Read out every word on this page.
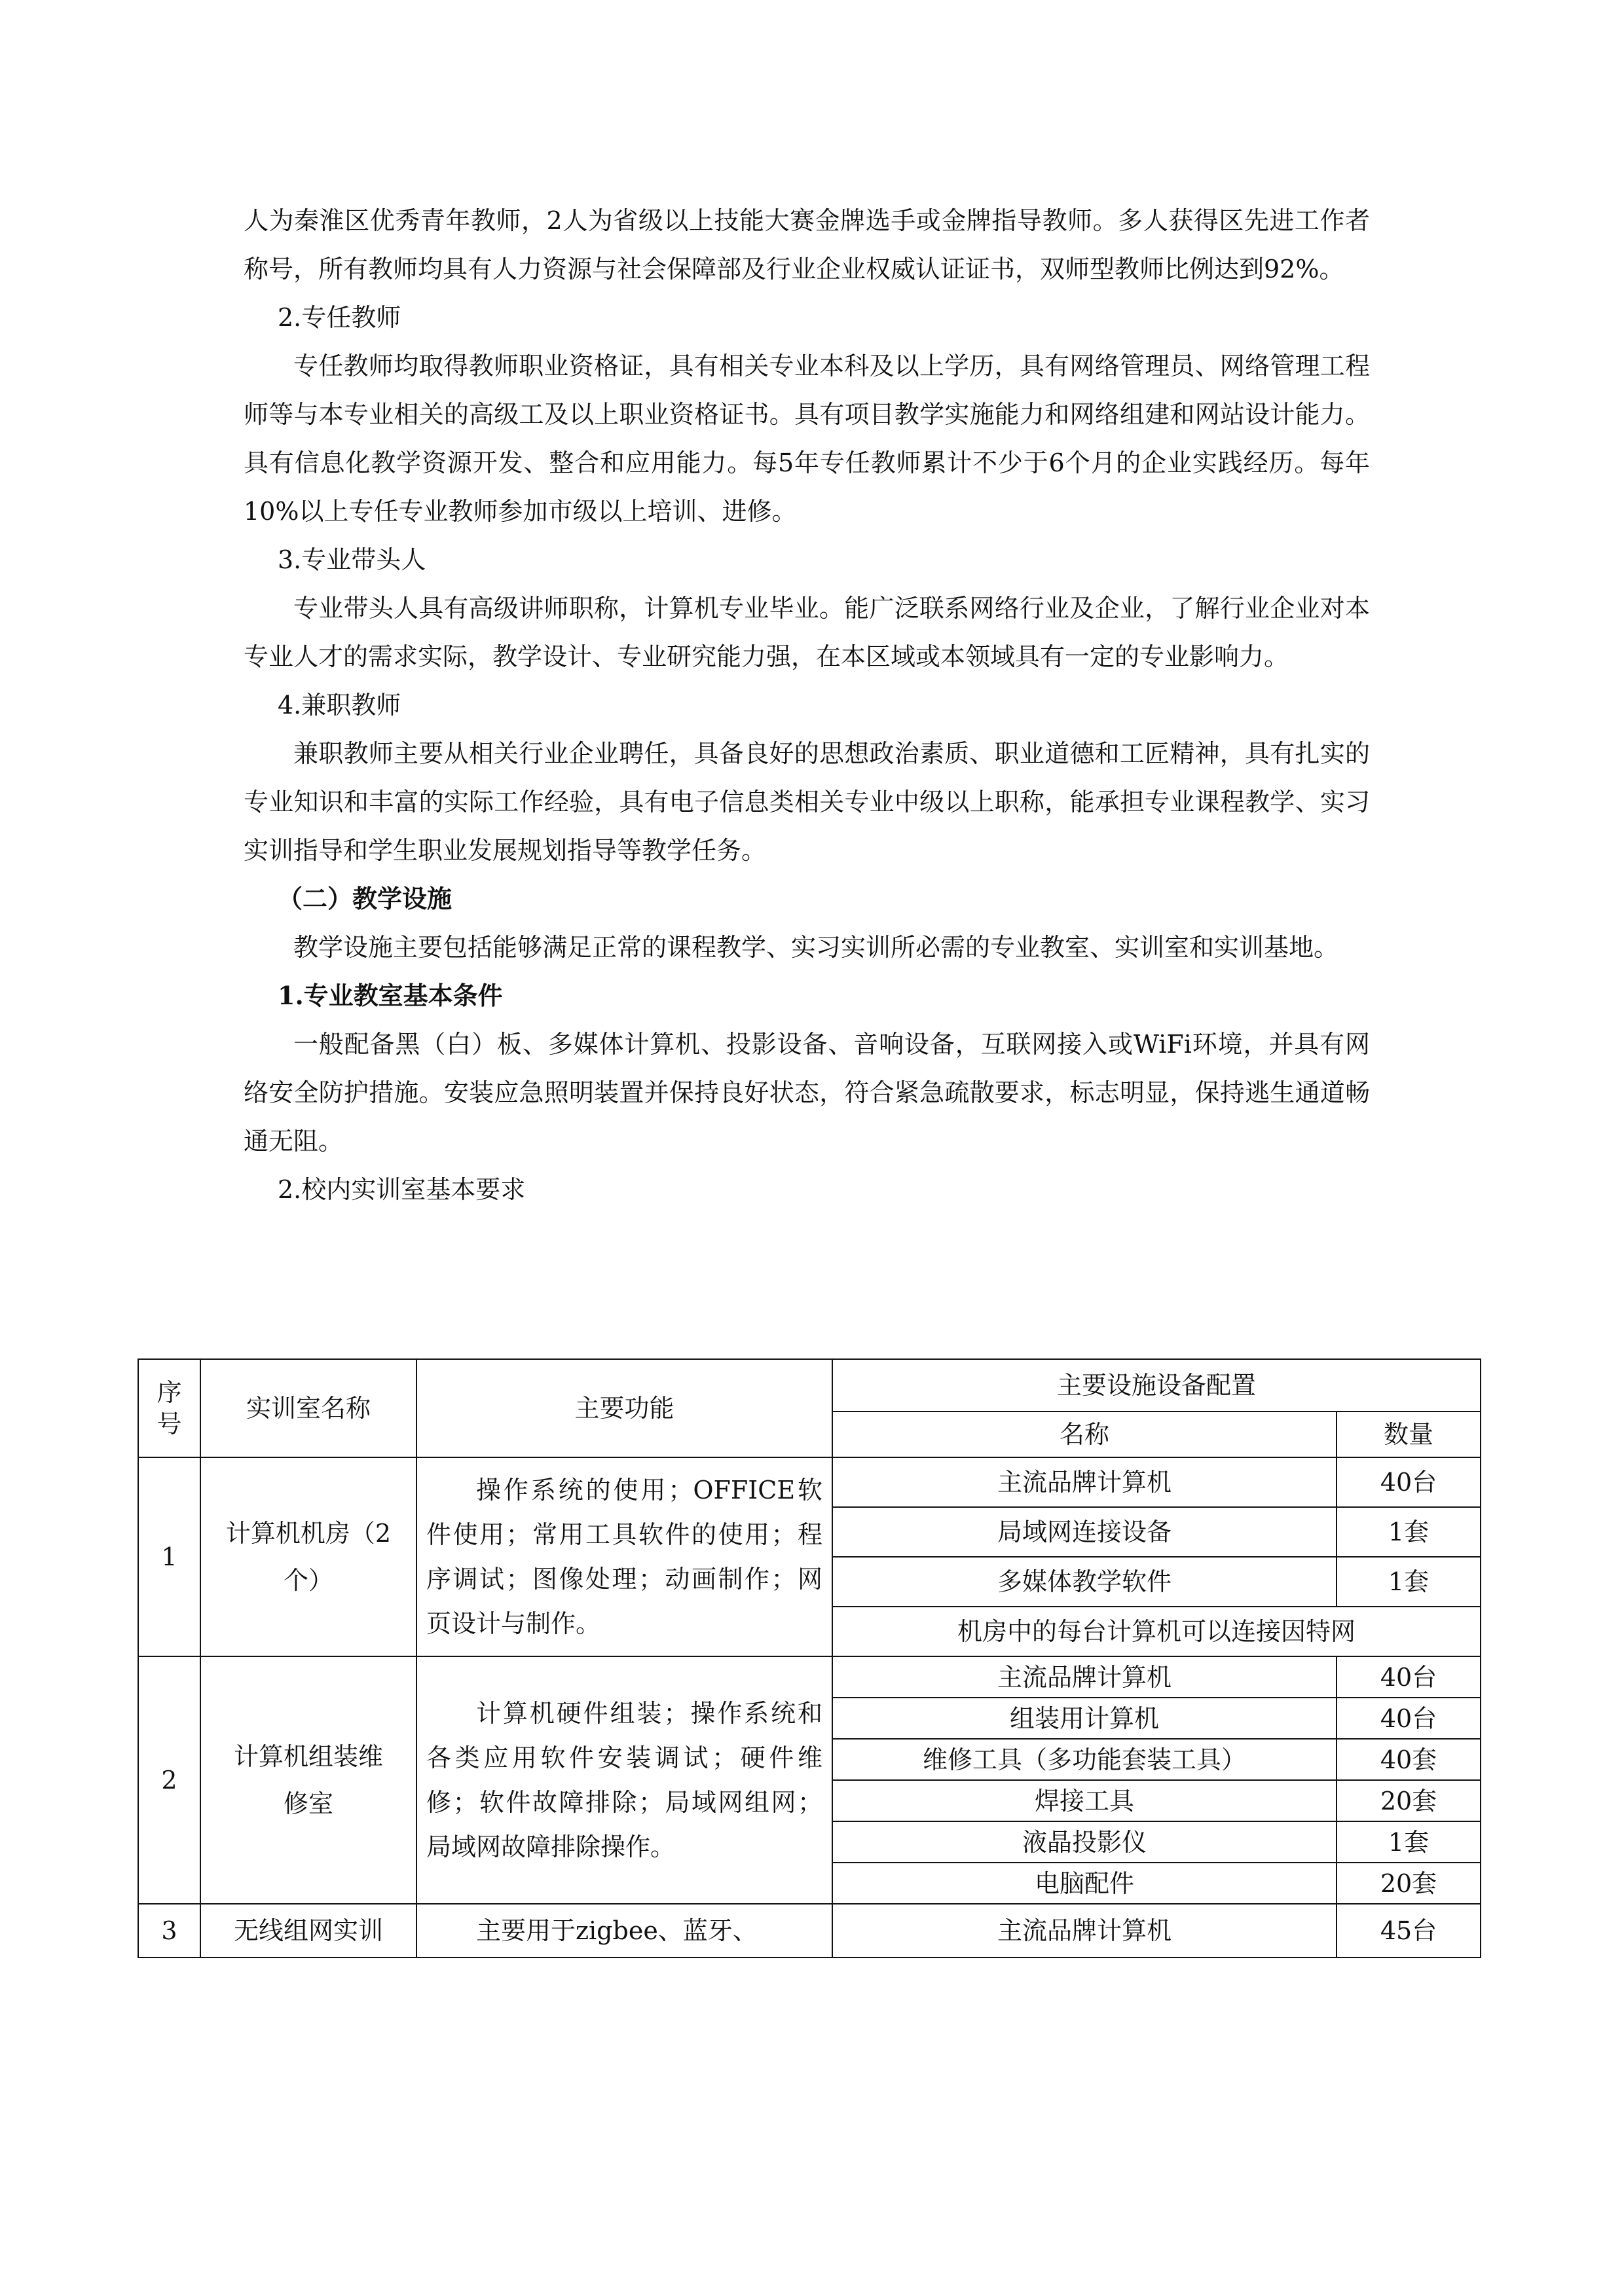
人为秦淮区优秀青年教师，2人为省级以上技能大赛金牌选手或金牌指导教师。多人获得区先进工作者称号，所有教师均具有人力资源与社会保障部及行业企业权威认证证书，双师型教师比例达到92%。

2.专任教师

专任教师均取得教师职业资格证，具有相关专业本科及以上学历，具有网络管理员、网络管理工程师等与本专业相关的高级工及以上职业资格证书。具有项目教学实施能力和网络组建和网站设计能力。具有信息化教学资源开发、整合和应用能力。每5年专任教师累计不少于6个月的企业实践经历。每年10%以上专任专业教师参加市级以上培训、进修。

3.专业带头人

专业带头人具有高级讲师职称，计算机专业毕业。能广泛联系网络行业及企业，了解行业企业对本专业人才的需求实际，教学设计、专业研究能力强，在本区域或本领域具有一定的专业影响力。

4.兼职教师

兼职教师主要从相关行业企业聘任，具备良好的思想政治素质、职业道德和工匠精神，具有扎实的专业知识和丰富的实际工作经验，具有电子信息类相关专业中级以上职称，能承担专业课程教学、实习实训指导和学生职业发展规划指导等教学任务。

（二）教学设施

教学设施主要包括能够满足正常的课程教学、实习实训所必需的专业教室、实训室和实训基地。

1.专业教室基本条件

一般配备黑（白）板、多媒体计算机、投影设备、音响设备，互联网接入或WiFi环境，并具有网络安全防护措施。安装应急照明装置并保持良好状态，符合紧急疏散要求，标志明显，保持逃生通道畅通无阻。

2.校内实训室基本要求
序号	实训室名称	主要功能	主要设施设备配置	
			名称	数量
1	计算机机房（2个）	操作系统的使用；OFFICE软件使用；常用工具软件的使用；程序调试；图像处理；动画制作；网页设计与制作。	主流品牌计算机	40台
			局域网连接设备	1套
			多媒体教学软件	1套
			机房中的每台计算机可以连接因特网	
2	计算机组装维修室	计算机硬件组装；操作系统和各类应用软件安装调试；硬件维修；软件故障排除；局域网组网；局域网故障排除操作。	主流品牌计算机	40台
			组装用计算机	40台
			维修工具（多功能套装工具）	40套
			焊接工具	20套
			液晶投影仪	1套
			电脑配件	20套
3	无线组网实训	主要用于zigbee、蓝牙、	主流品牌计算机	45台
